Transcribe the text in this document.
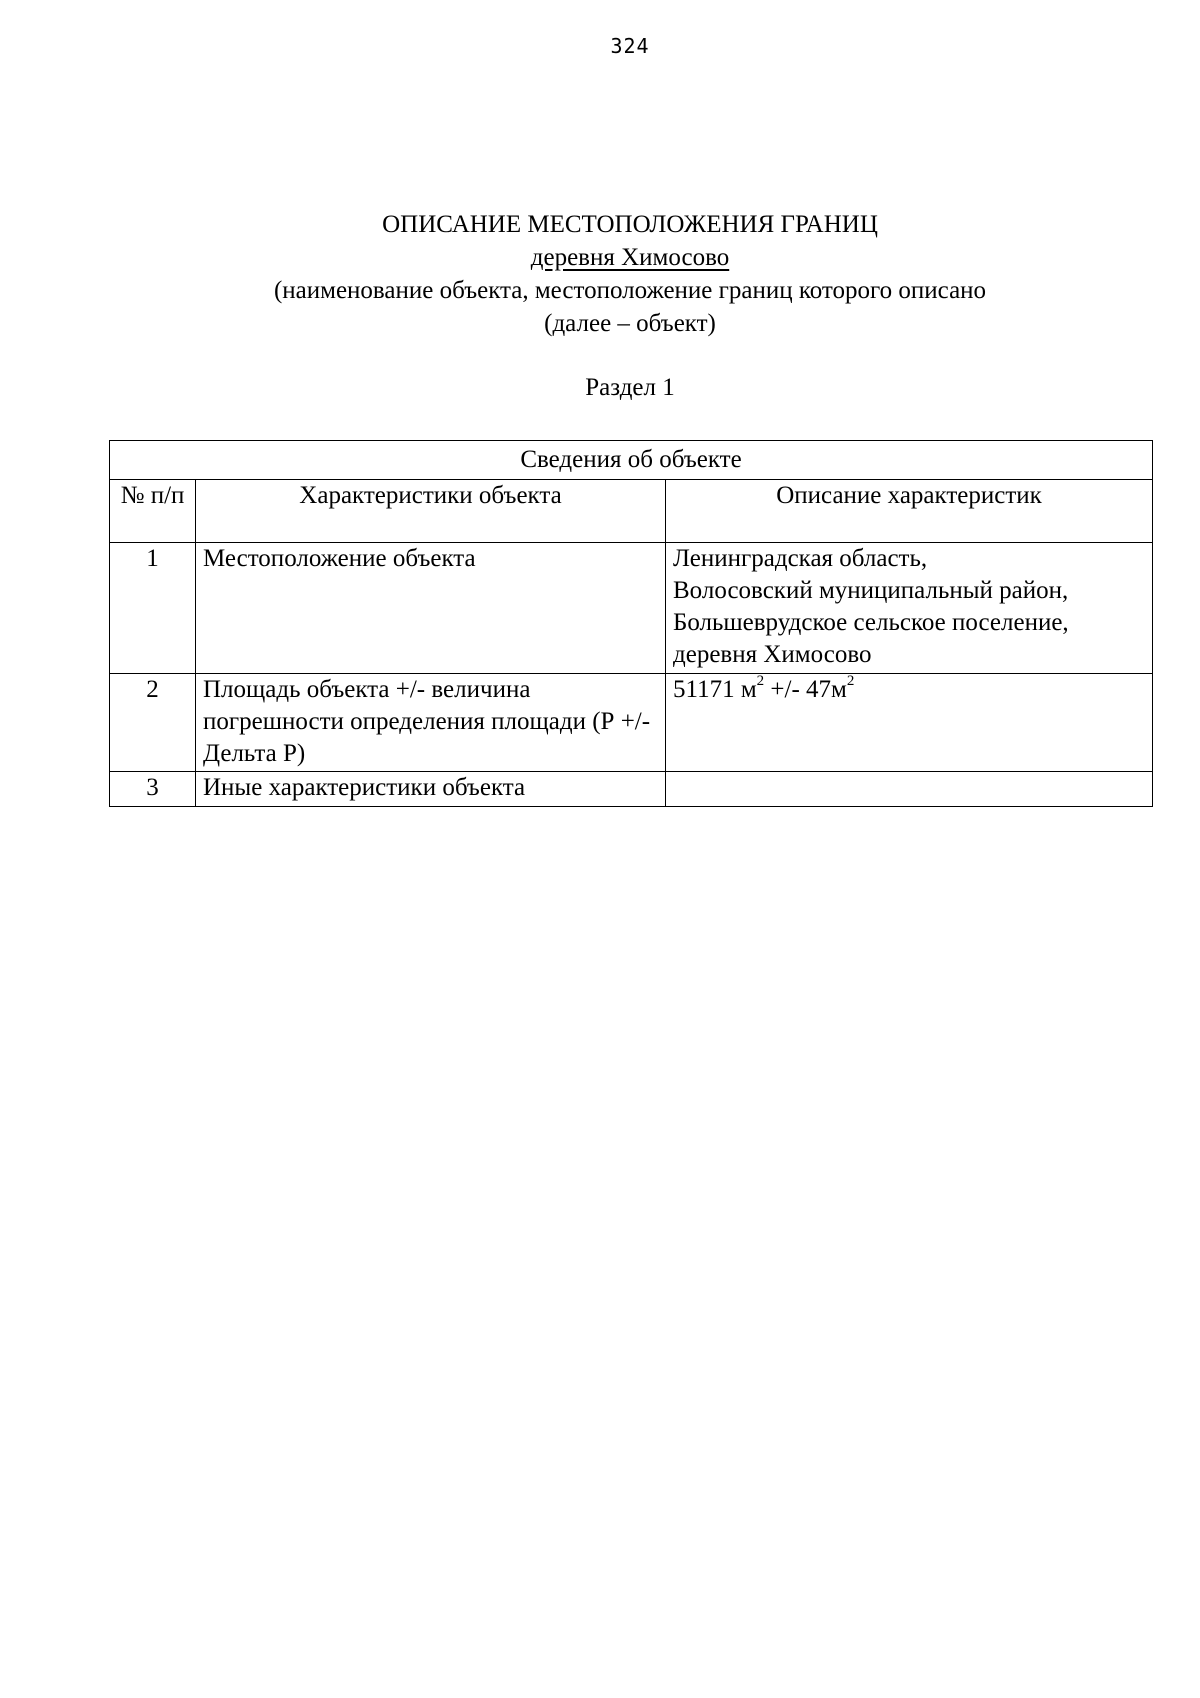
324
ОПИСАНИЕ МЕСТОПОЛОЖЕНИЯ ГРАНИЦ
деревня Химосово
(наименование объекта, местоположение границ которого описано
(далее – объект)
Раздел 1
Сведения об объекте		
№ п/п	Характеристики объекта	Описание характеристик
1	Местоположение объекта	Ленинградская область,
Волосовский муниципальный район,
Большеврудское сельское поселение,
деревня Химосово

2	Площадь объекта +/- величина погрешности определения площади (Р +/- Дельта Р)	51171 $м^2$ +/- $47м^2$
3	Иные характеристики объекта	
